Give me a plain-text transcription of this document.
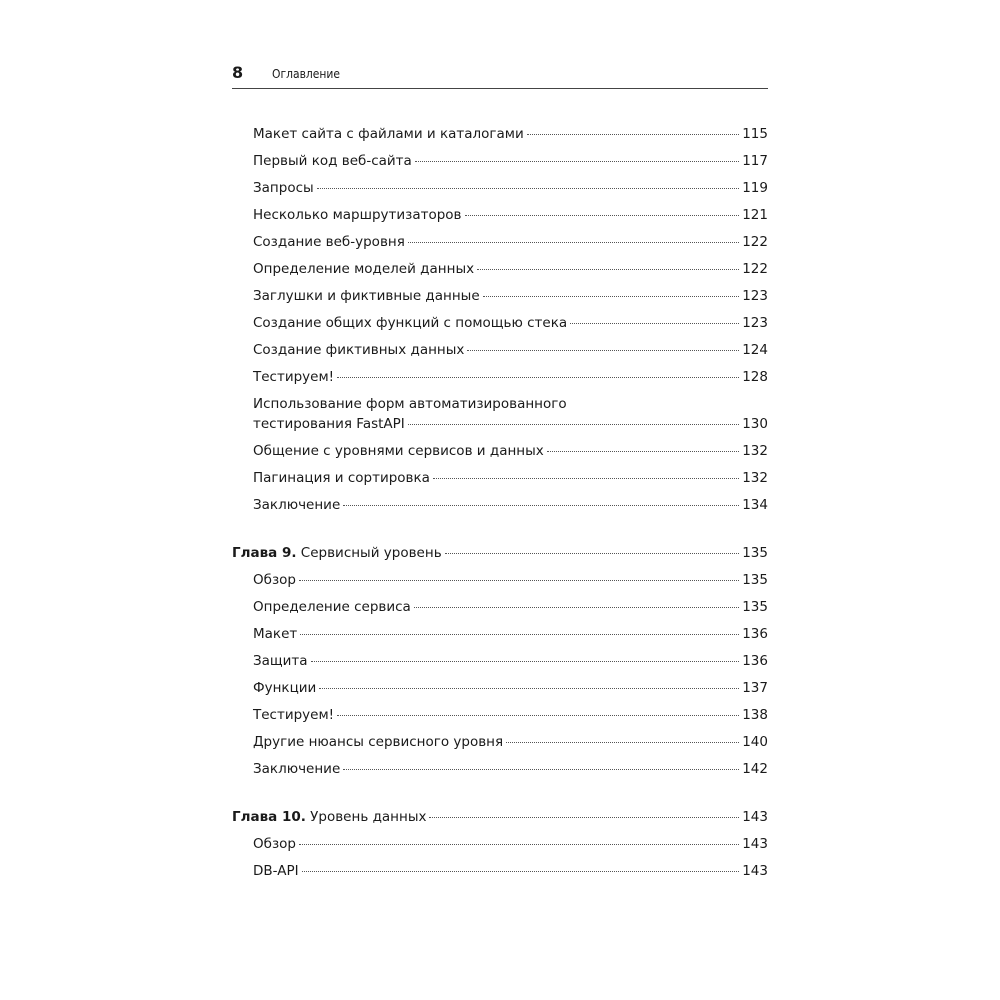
8 Оглавление
Макет сайта с файлами и каталогами	115
Первый код веб-сайта	117
Запросы	119
Несколько маршрутизаторов	121
Создание веб-уровня	122
Определение моделей данных	122
Заглушки и фиктивные данные	123
Создание общих функций с помощью стека	123
Создание фиктивных данных	124
Тестируем!	128
Использование форм автоматизированного
тестирования FastAPI	130
Общение с уровнями сервисов и данных	132
Пагинация и сортировка	132
Заключение	134
Глава 9. Сервисный уровень	135
Обзор	135
Определение сервиса	135
Макет	136
Защита	136
Функции	137
Тестируем!	138
Другие нюансы сервисного уровня	140
Заключение	142
Глава 10. Уровень данных	143
Обзор	143
DB-API	143
